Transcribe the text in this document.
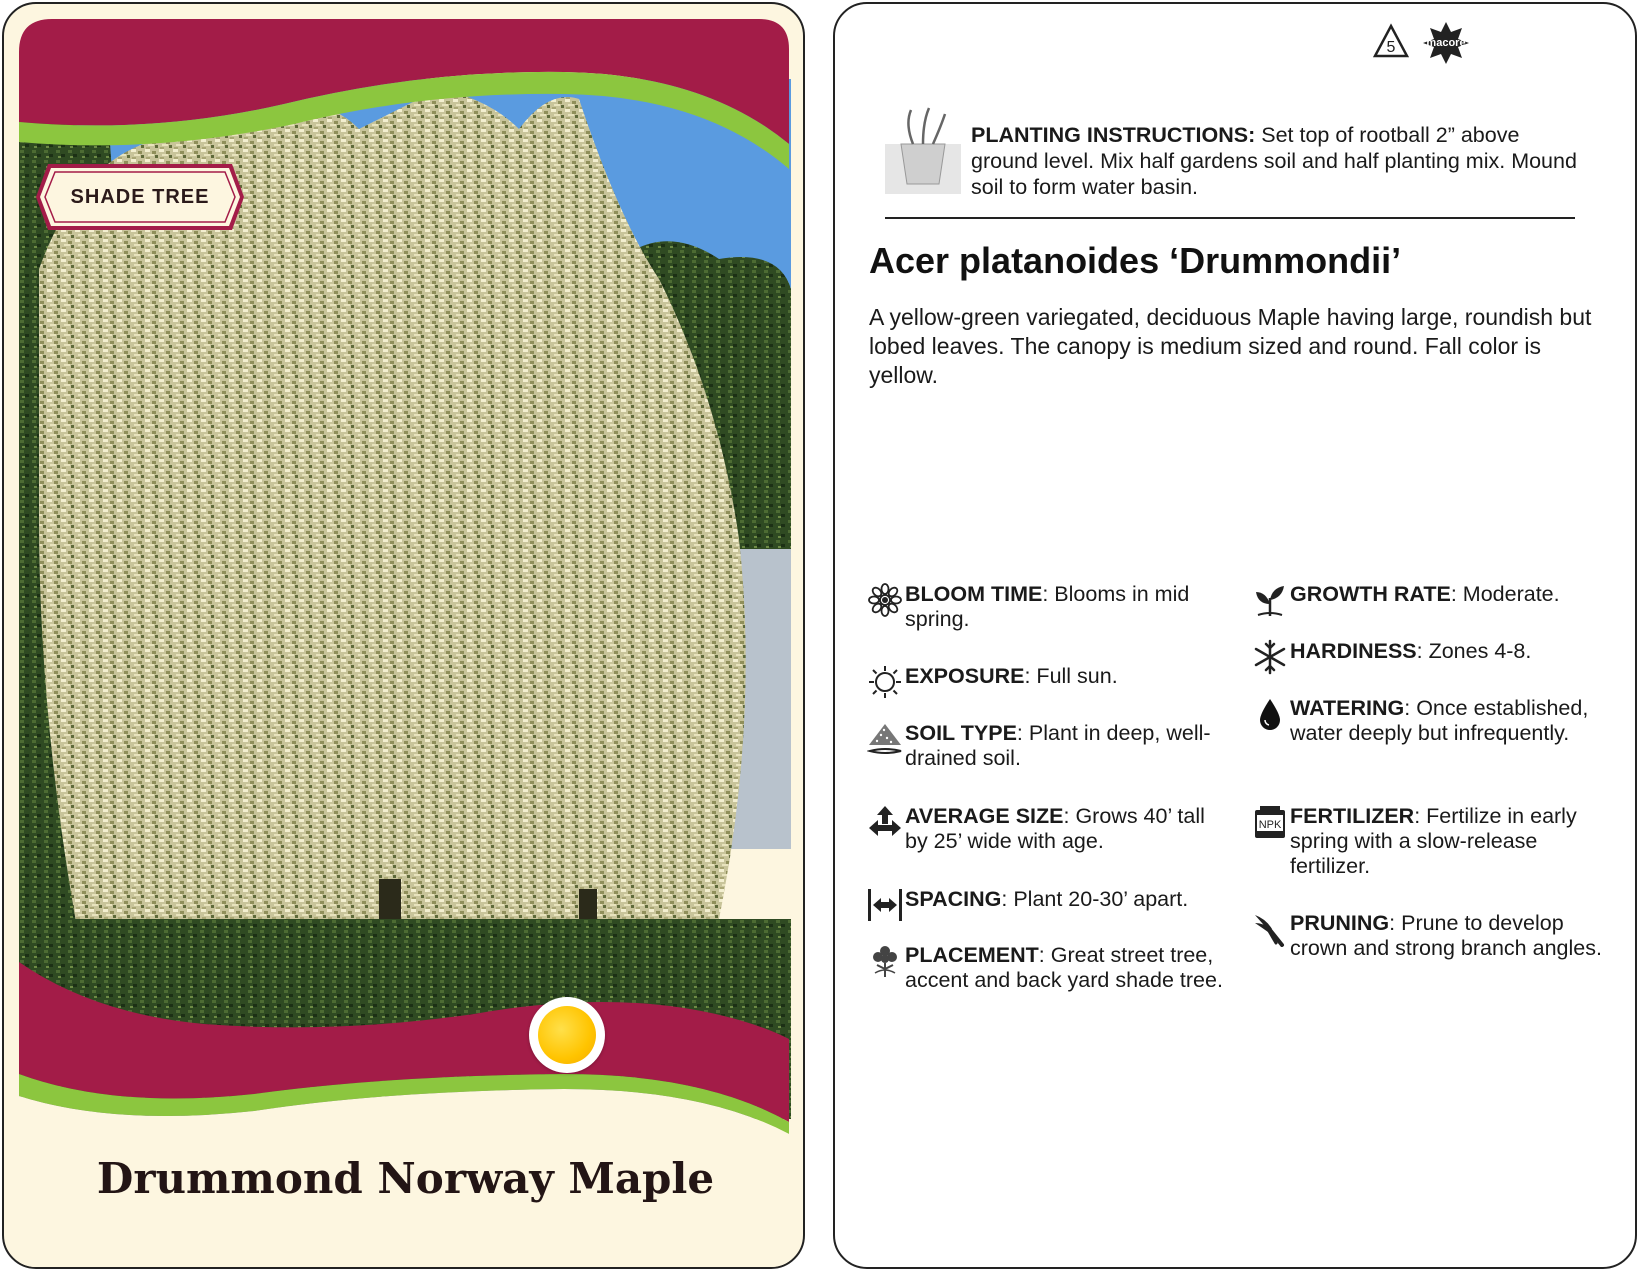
SHADE TREE
Drummond Norway Maple
5	macore
PLANTING INSTRUCTIONS: Set top of rootball 2” above ground level. Mix half gardens soil and half planting mix. Mound soil to form water basin.
Acer platanoides ‘Drummondii’

A yellow-green variegated, deciduous Maple having large, roundish but lobed leaves. The canopy is medium sized and round. Fall color is yellow.

BLOOM TIME: Blooms in mid spring.
EXPOSURE: Full sun.
SOIL TYPE: Plant in deep, well-drained soil.
AVERAGE SIZE: Grows 40’ tall by 25’ wide with age.
SPACING: Plant 20-30’ apart.
PLACEMENT: Great street tree, accent and back yard shade tree.
GROWTH RATE: Moderate.
HARDINESS: Zones 4-8.
WATERING: Once established, water deeply but infrequently.
NPK FERTILIZER: Fertilize in early spring with a slow-release fertilizer.
PRUNING: Prune to develop crown and strong branch angles.
